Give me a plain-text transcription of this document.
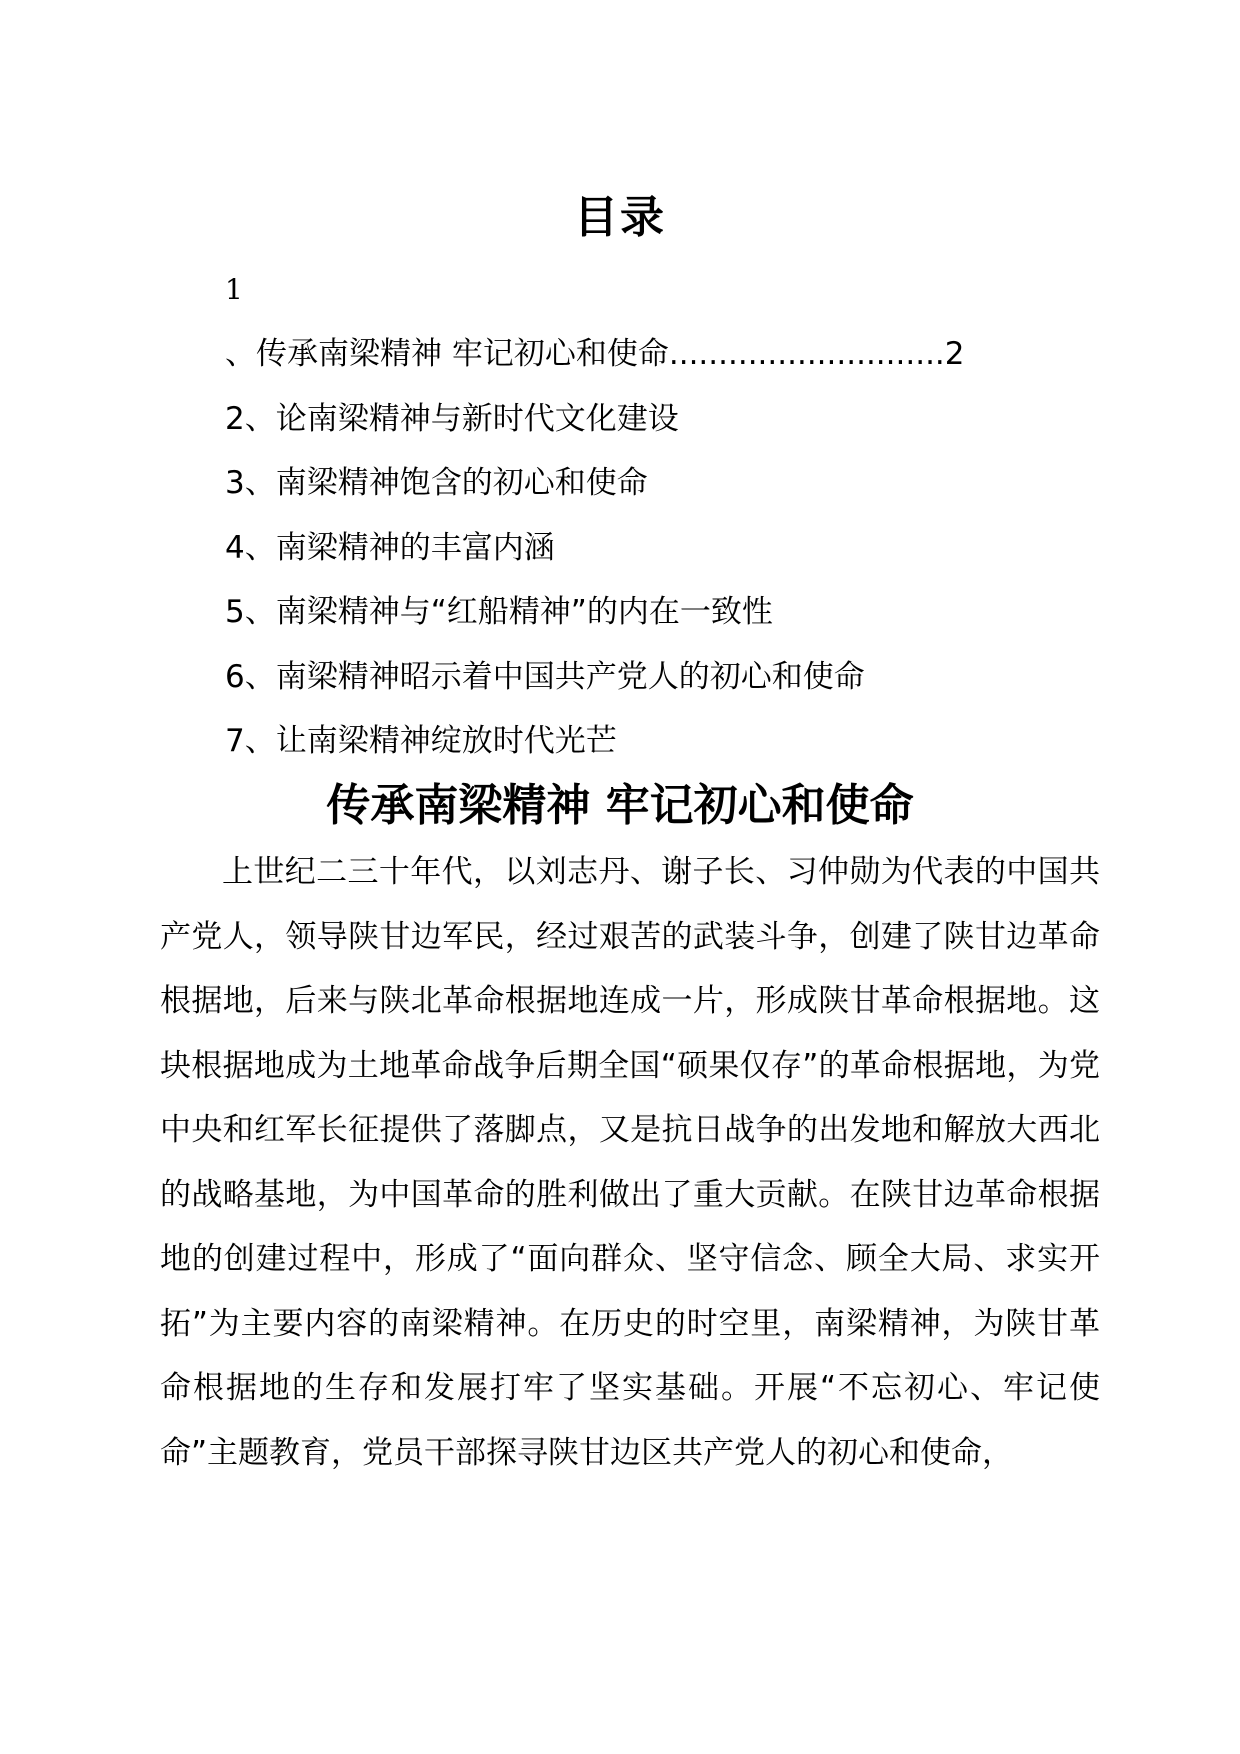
目录
1
、传承南梁精神 牢记初心和使命............................2
2、论南梁精神与新时代文化建设
3、南梁精神饱含的初心和使命
4、南梁精神的丰富内涵
5、南梁精神与“红船精神”的内在一致性
6、南梁精神昭示着中国共产党人的初心和使命
7、让南梁精神绽放时代光芒
传承南梁精神 牢记初心和使命

上世纪二三十年代，以刘志丹、谢子长、习仲勋为代表的中国共产党人，领导陕甘边军民，经过艰苦的武装斗争，创建了陕甘边革命根据地，后来与陕北革命根据地连成一片，形成陕甘革命根据地。这块根据地成为土地革命战争后期全国“硕果仅存”的革命根据地，为党中央和红军长征提供了落脚点，又是抗日战争的出发地和解放大西北的战略基地，为中国革命的胜利做出了重大贡献。在陕甘边革命根据地的创建过程中，形成了“面向群众、坚守信念、顾全大局、求实开拓”为主要内容的南梁精神。在历史的时空里，南梁精神，为陕甘革命根据地的生存和发展打牢了坚实基础。开展“不忘初心、牢记使命”主题教育，党员干部探寻陕甘边区共产党人的初心和使命，
